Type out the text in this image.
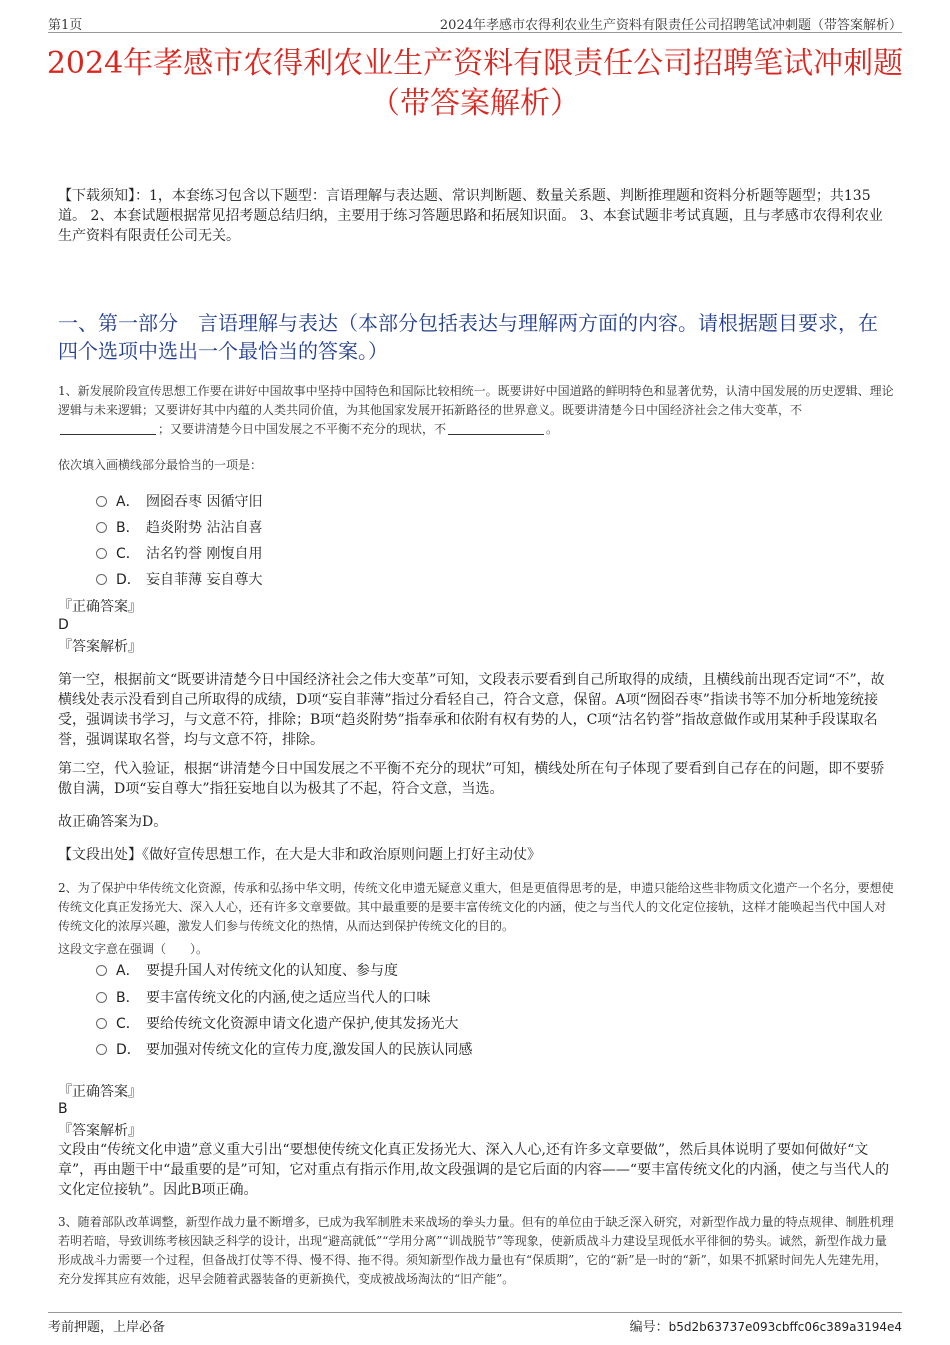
第1页	2024年孝感市农得利农业生产资料有限责任公司招聘笔试冲刺题（带答案解析）
2024年孝感市农得利农业生产资料有限责任公司招聘笔试冲刺题（带答案解析）
【下载须知】：1，本套练习包含以下题型：言语理解与表达题、常识判断题、数量关系题、判断推理题和资料分析题等题型；共135道。 2、本套试题根据常见招考题总结归纳，主要用于练习答题思路和拓展知识面。 3、本套试题非考试真题，且与孝感市农得利农业生产资料有限责任公司无关。
一、第一部分　言语理解与表达（本部分包括表达与理解两方面的内容。请根据题目要求，在四个选项中选出一个最恰当的答案。）
1、新发展阶段宣传思想工作要在讲好中国故事中坚持中国特色和国际比较相统一。既要讲好中国道路的鲜明特色和显著优势，认清中国发展的历史逻辑、理论逻辑与未来逻辑；又要讲好其中内蕴的人类共同价值，为其他国家发展开拓新路径的世界意义。既要讲清楚今日中国经济社会之伟大变革，不；又要讲清楚今日中国发展之不平衡不充分的现状，不	。
依次填入画横线部分最恰当的一项是：
A． 囫囵吞枣 因循守旧
B． 趋炎附势 沾沾自喜
C． 沽名钓誉 刚愎自用
D． 妄自菲薄 妄自尊大
『正确答案』
D
『答案解析』
第一空，根据前文“既要讲清楚今日中国经济社会之伟大变革”可知，文段表示要看到自己所取得的成绩，且横线前出现否定词“不”，故横线处表示没看到自己所取得的成绩，D项“妄自菲薄”指过分看轻自己，符合文意，保留。A项“囫囵吞枣”指读书等不加分析地笼统接受，强调读书学习，与文意不符，排除；B项“趋炎附势”指奉承和依附有权有势的人，C项“沽名钓誉”指故意做作或用某种手段谋取名誉，强调谋取名誉，均与文意不符，排除。
第二空，代入验证，根据“讲清楚今日中国发展之不平衡不充分的现状”可知，横线处所在句子体现了要看到自己存在的问题，即不要骄傲自满，D项“妄自尊大”指狂妄地自以为极其了不起，符合文意，当选。
故正确答案为D。
【文段出处】《做好宣传思想工作，在大是大非和政治原则问题上打好主动仗》
2、为了保护中华传统文化资源，传承和弘扬中华文明，传统文化申遗无疑意义重大，但是更值得思考的是，申遗只能给这些非物质文化遗产一个名分，要想使传统文化真正发扬光大、深入人心，还有许多文章要做。其中最重要的是要丰富传统文化的内涵，使之与当代人的文化定位接轨，这样才能唤起当代中国人对传统文化的浓厚兴趣，激发人们参与传统文化的热情，从而达到保护传统文化的目的。
这段文字意在强调（　　）。
A． 要提升国人对传统文化的认知度、参与度
B． 要丰富传统文化的内涵,使之适应当代人的口味
C． 要给传统文化资源申请文化遗产保护,使其发扬光大
D． 要加强对传统文化的宣传力度,激发国人的民族认同感
『正确答案』
B
『答案解析』
文段由“传统文化申遗”意义重大引出“要想使传统文化真正发扬光大、深入人心,还有许多文章要做”，然后具体说明了要如何做好“文章”，再由题干中“最重要的是”可知，它对重点有指示作用,故文段强调的是它后面的内容——“要丰富传统文化的内涵，使之与当代人的文化定位接轨”。因此B项正确。
3、随着部队改革调整，新型作战力量不断增多，已成为我军制胜未来战场的拳头力量。但有的单位由于缺乏深入研究，对新型作战力量的特点规律、制胜机理若明若暗，导致训练考核因缺乏科学的设计，出现“避高就低”“学用分离”“训战脱节”等现象，使新质战斗力建设呈现低水平徘徊的势头。诚然，新型作战力量形成战斗力需要一个过程，但备战打仗等不得、慢不得、拖不得。须知新型作战力量也有“保质期”，它的“新”是一时的“新”，如果不抓紧时间先人先建先用，充分发挥其应有效能，迟早会随着武器装备的更新换代，变成被战场淘汰的“旧产能”。
考前押题，上岸必备	编号：b5d2b63737e093cbffc06c389a3194e4
